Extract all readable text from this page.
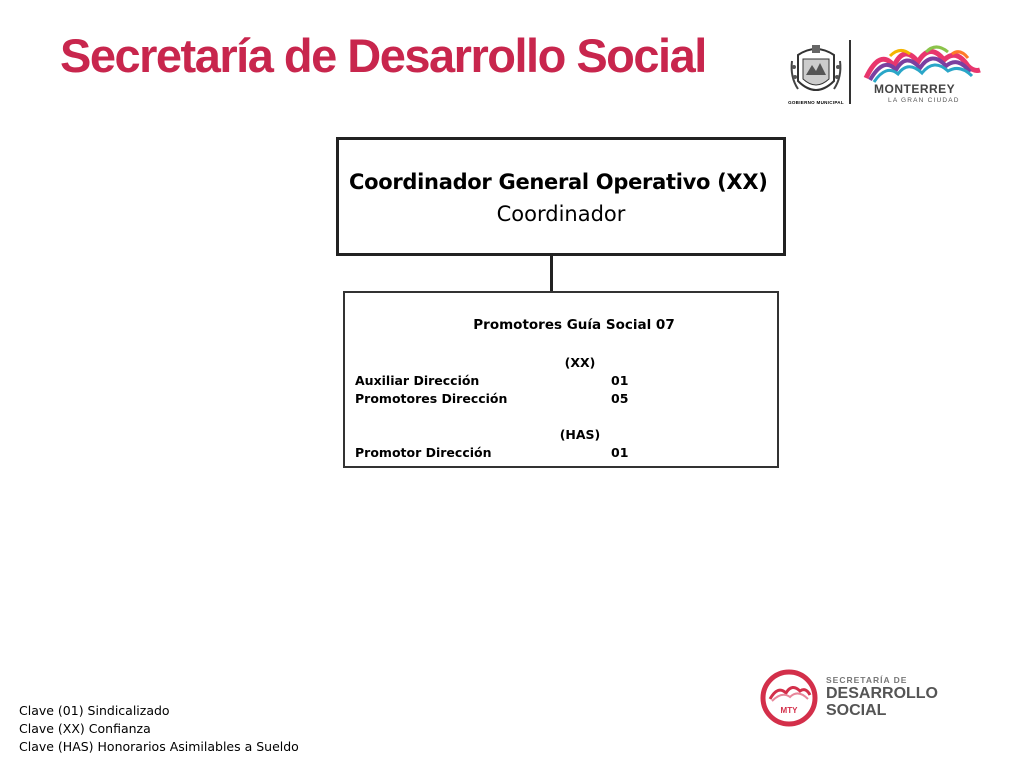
Secretaría de Desarrollo Social
GOBIERNO MUNICIPAL
MONTERREY
LA GRAN CIUDAD
Coordinador General Operativo (XX)
Coordinador
Promotores Guía Social 07
(XX)
Auxiliar Dirección	01
Promotores Dirección	05
(HAS)
Promotor Dirección	01
Clave (01) Sindicalizado
Clave (XX) Confianza
Clave (HAS) Honorarios Asimilables a Sueldo
MTY
SECRETARÍA DE
DESARROLLO
SOCIAL
